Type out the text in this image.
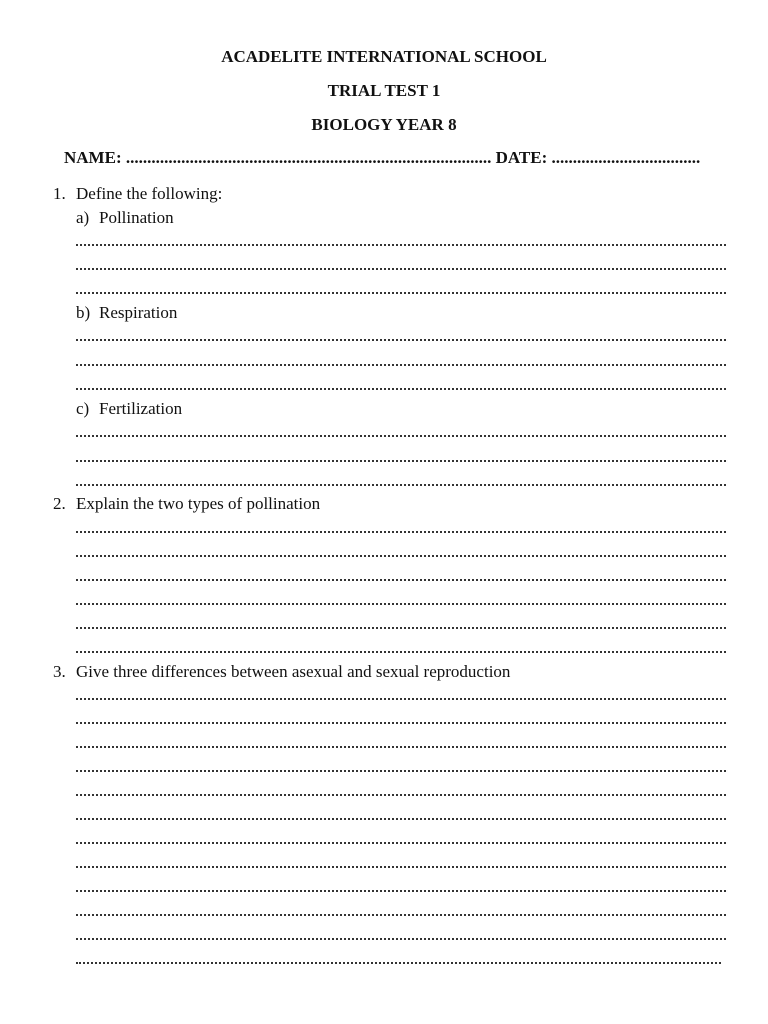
ACADELITE INTERNATIONAL SCHOOL
TRIAL TEST 1
BIOLOGY YEAR 8
NAME: ...................................................................................... DATE: ...................................
1. Define the following:
a) Pollination
b) Respiration
c) Fertilization
2. Explain the two types of pollination
3. Give three differences between asexual and sexual reproduction
